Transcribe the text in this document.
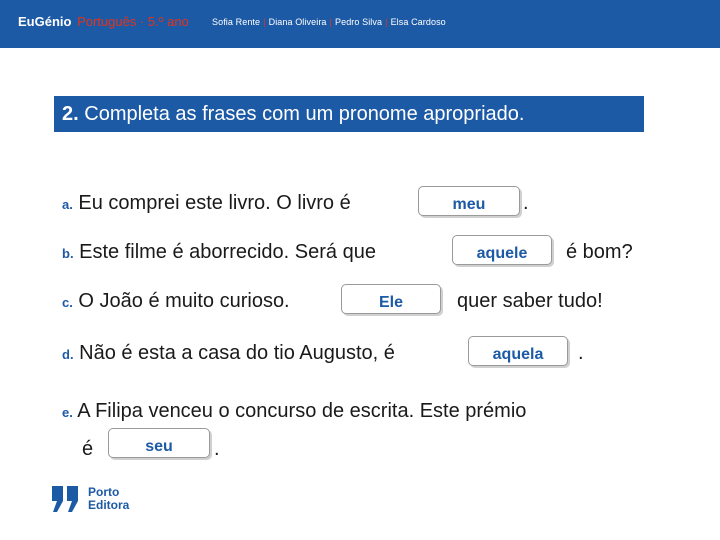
EuGénio Português · 5.º ano	Sofia Rente | Diana Oliveira | Pedro Silva | Elsa Cardoso
2. Completa as frases com um pronome apropriado.
a. Eu comprei este livro. O livro é	meu	.
b. Este filme é aborrecido. Será que	aquele	é bom?
c. O João é muito curioso.	Ele	quer saber tudo!
d. Não é esta a casa do tio Augusto, é	aquela	.
e. A Filipa venceu o concurso de escrita. Este prémio
é	seu	.
Porto
Editora
